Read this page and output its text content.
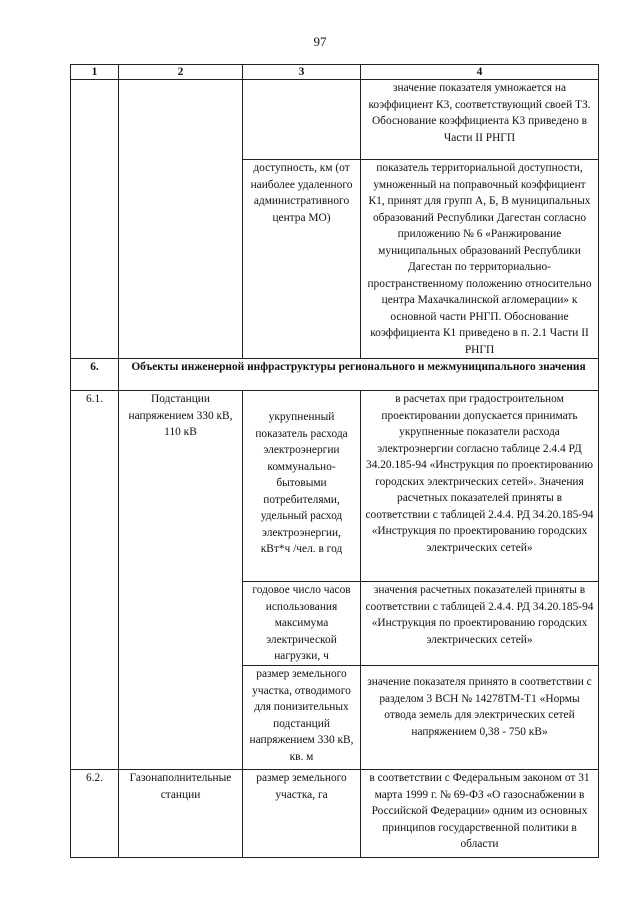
97
1	2	3	4
			значение показателя умножается на коэффициент К3, соответствующий своей ТЗ. Обоснование коэффициента К3 приведено в Части II РНГП
		доступность, км (от наиболее удаленного административного центра МО)	показатель территориальной доступности, умноженный на поправочный коэффициент К1, принят для групп А, Б, В муниципальных образований Республики Дагестан согласно приложению № 6 «Ранжирование муниципальных образований Республики Дагестан по территориально-пространственному положению относительно центра Махачкалинской агломерации» к основной части РНГП. Обоснование коэффициента К1 приведено в п. 2.1 Части II РНГП
6.	Объекты инженерной инфраструктуры регионального и межмуниципального значения		
6.1.	Подстанции напряжением 330 кВ, 110 кВ	укрупненный показатель расхода электроэнергии коммунально-бытовыми потребителями, удельный расход электроэнергии, кВт*ч /чел. в год	в расчетах при градостроительном проектировании допускается принимать укрупненные показатели расхода электроэнергии согласно таблице 2.4.4 РД 34.20.185-94 «Инструкция по проектированию городских электрических сетей». Значения расчетных показателей приняты в соответствии с таблицей 2.4.4. РД 34.20.185-94 «Инструкция по проектированию городских электрических сетей»
		годовое число часов использования максимума электрической нагрузки, ч	значения расчетных показателей приняты в соответствии с таблицей 2.4.4. РД 34.20.185-94 «Инструкция по проектированию городских электрических сетей»
		размер земельного участка, отводимого для понизительных подстанций напряжением 330 кВ, кв. м	значение показателя принято в соответствии с разделом 3 ВСН № 14278ТМ-Т1 «Нормы отвода земель для электрических сетей напряжением 0,38 - 750 кВ»
6.2.	Газонаполнительные станции	размер земельного участка, га	в соответствии с Федеральным законом от 31 марта 1999 г. № 69-ФЗ «О газоснабжении в Российской Федерации» одним из основных принципов государственной политики в области
